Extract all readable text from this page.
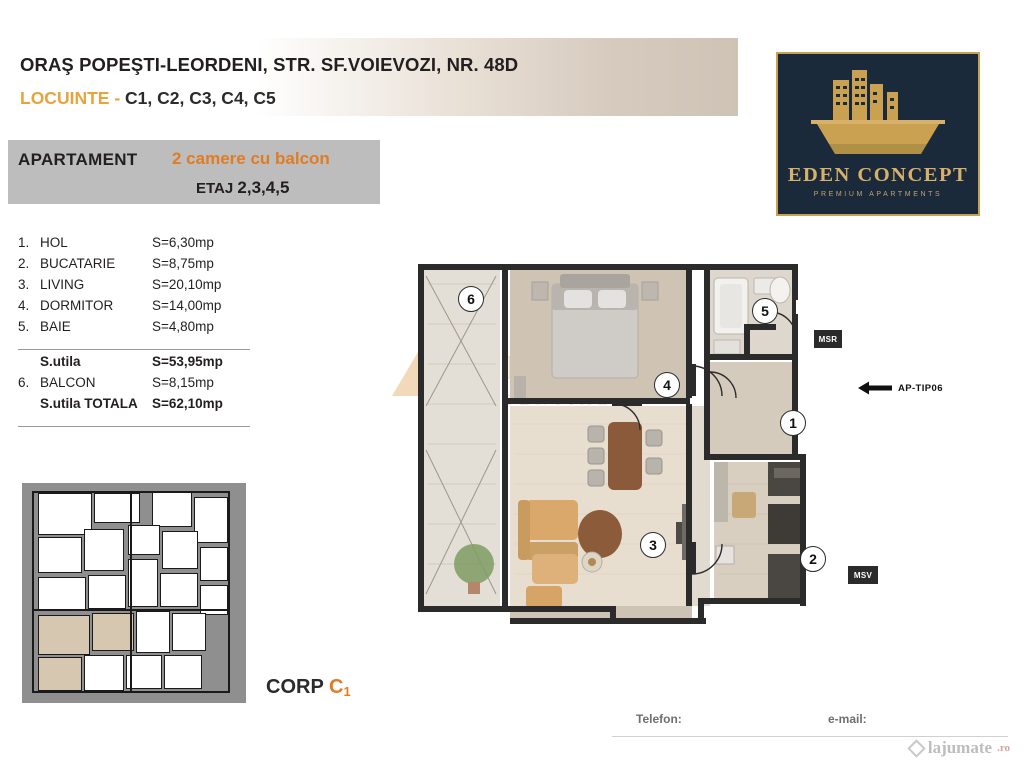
ORAŞ POPEŞTI-LEORDENI, STR. SF.VOIEVOZI, NR. 48D
LOCUINTE - C1, C2, C3, C4, C5
EDEN CONCEPT
PREMIUM APARTMENTS
APARTAMENT 2 camere cu balcon
ETAJ 2,3,4,5
1. HOL	S=6,30mp
2. BUCATARIE	S=8,75mp
3. LIVING	S=20,10mp
4. DORMITOR	S=14,00mp
5. BAIE	S=4,80mp
S.utila	S=53,95mp
6. BALCON	S=8,15mp
S.utila TOTALA	S=62,10mp
CORP $C_1$
6
4
5
1
3
2
MSR
MSV
AP-TIP06
Telefon:	e-mail:
lajumate .ro
